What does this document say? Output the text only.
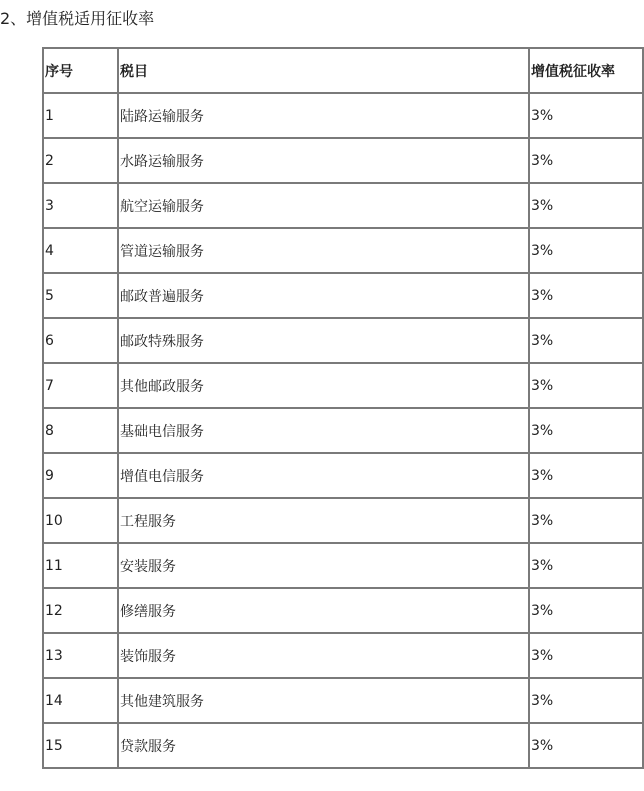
2、增值税适用征收率
序号	税目	增值税征收率
1	陆路运输服务	3%
2	水路运输服务	3%
3	航空运输服务	3%
4	管道运输服务	3%
5	邮政普遍服务	3%
6	邮政特殊服务	3%
7	其他邮政服务	3%
8	基础电信服务	3%
9	增值电信服务	3%
10	工程服务	3%
11	安装服务	3%
12	修缮服务	3%
13	装饰服务	3%
14	其他建筑服务	3%
15	贷款服务	3%
